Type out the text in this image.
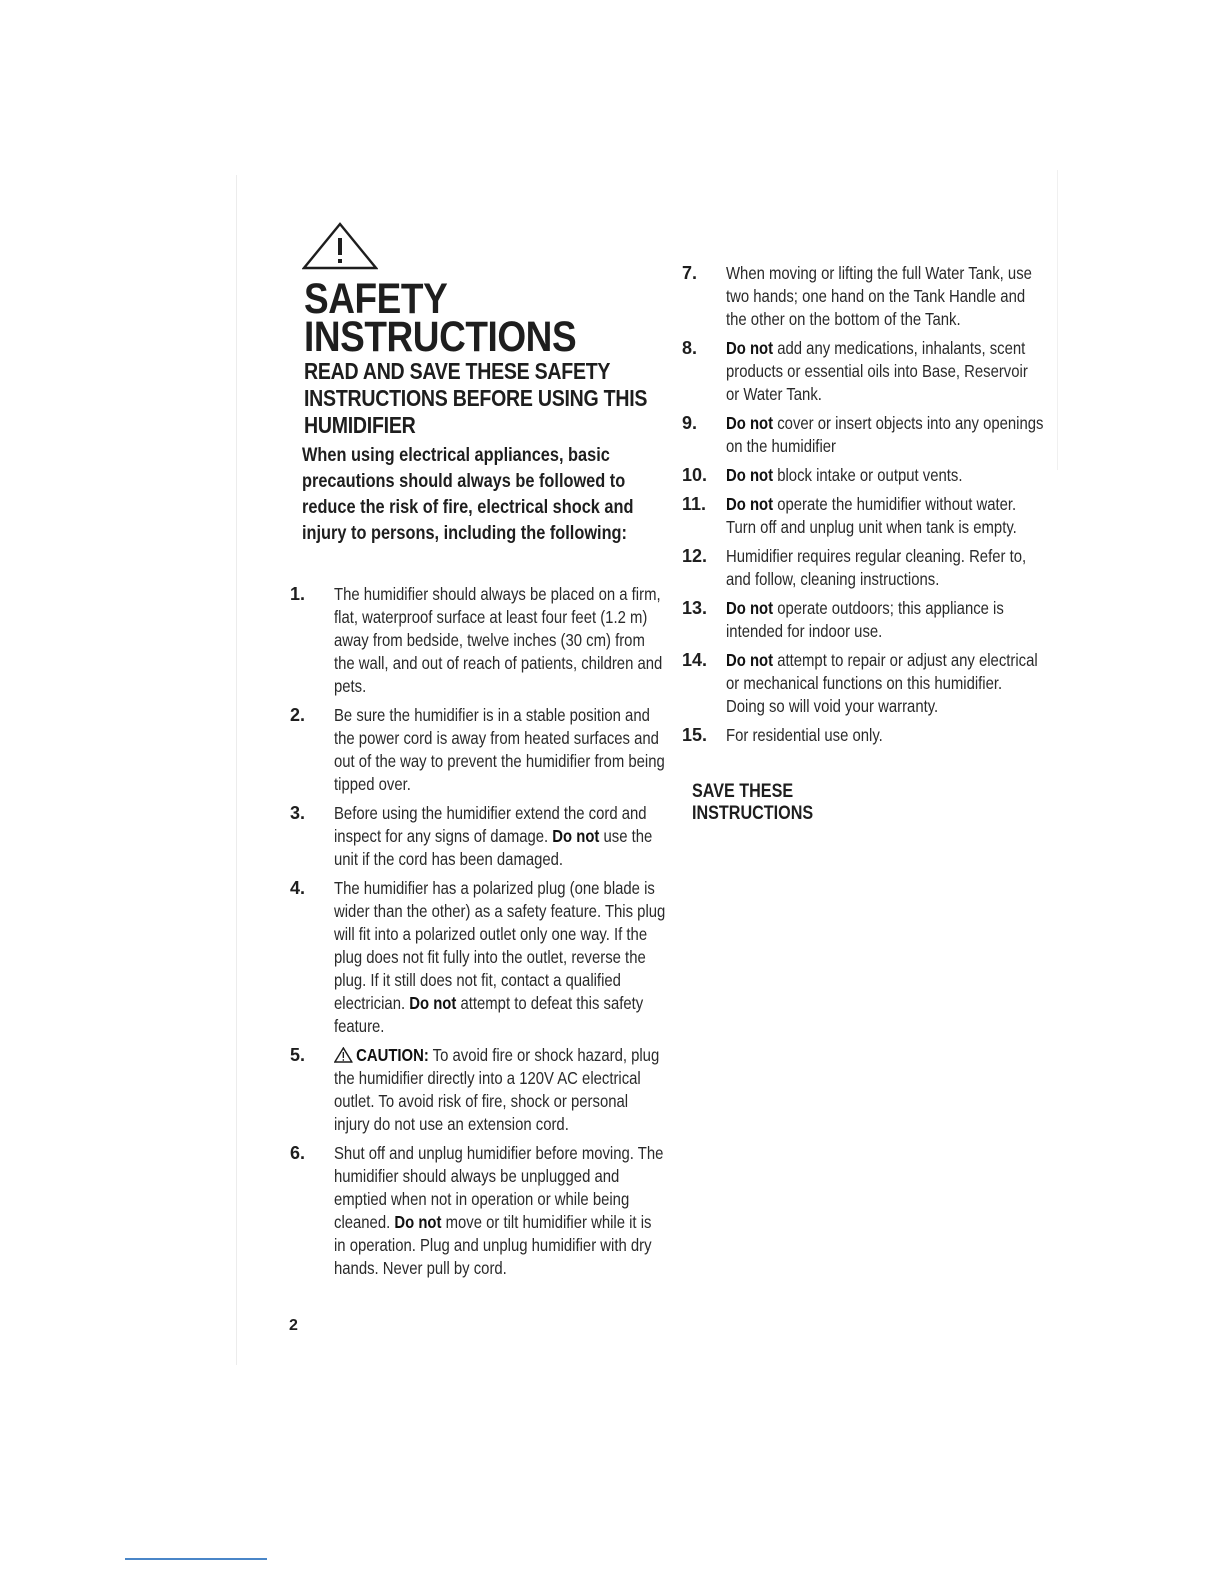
SAFETY
INSTRUCTIONS
READ AND SAVE THESE SAFETY INSTRUCTIONS BEFORE USING THIS HUMIDIFIER
When using electrical appliances, basic precautions should always be followed to reduce the risk of fire, electrical shock and injury to persons, including the following:
1. The humidifier should always be placed on a firm, flat, waterproof surface at least four feet (1.2 m) away from bedside, twelve inches (30 cm) from the wall, and out of reach of patients, children and pets.
2. Be sure the humidifier is in a stable position and the power cord is away from heated surfaces and out of the way to prevent the humidifier from being tipped over.
3. Before using the humidifier extend the cord and inspect for any signs of damage. Do not use the unit if the cord has been damaged.
4. The humidifier has a polarized plug (one blade is wider than the other) as a safety feature. This plug will fit into a polarized outlet only one way. If the plug does not fit fully into the outlet, reverse the plug. If it still does not fit, contact a qualified electrician. Do not attempt to defeat this safety feature.
5.	CAUTION: To avoid fire or shock hazard, plug the humidifier directly into a 120V AC electrical outlet. To avoid risk of fire, shock or personal injury do not use an extension cord.
6. Shut off and unplug humidifier before moving. The humidifier should always be unplugged and emptied when not in operation or while being cleaned. Do not move or tilt humidifier while it is in operation. Plug and unplug humidifier with dry hands. Never pull by cord.
7. When moving or lifting the full Water Tank, use two hands; one hand on the Tank Handle and the other on the bottom of the Tank.
8. Do not add any medications, inhalants, scent products or essential oils into Base, Reservoir or Water Tank.
9. Do not cover or insert objects into any openings on the humidifier
10. Do not block intake or output vents.
11. Do not operate the humidifier without water. Turn off and unplug unit when tank is empty.
12. Humidifier requires regular cleaning. Refer to, and follow, cleaning instructions.
13. Do not operate outdoors; this appliance is intended for indoor use.
14. Do not attempt to repair or adjust any electrical or mechanical functions on this humidifier. Doing so will void your warranty.
15. For residential use only.
SAVE THESE INSTRUCTIONS
2
